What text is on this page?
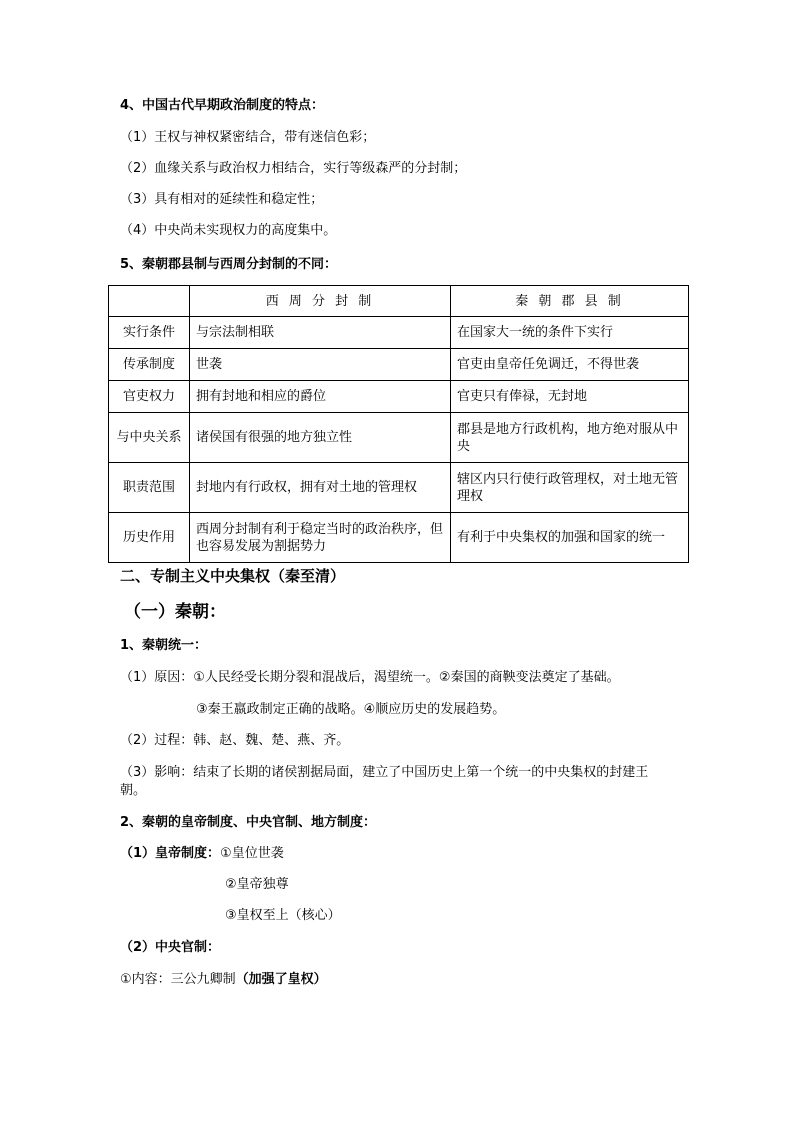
4、中国古代早期政治制度的特点：
（1）王权与神权紧密结合，带有迷信色彩；
（2）血缘关系与政治权力相结合，实行等级森严的分封制；
（3）具有相对的延续性和稳定性；
（4）中央尚未实现权力的高度集中。
5、秦朝郡县制与西周分封制的不同：
	西 周 分 封 制	秦 朝 郡 县 制
实行条件	与宗法制相联	在国家大一统的条件下实行
传承制度	世袭	官吏由皇帝任免调迁，不得世袭
官吏权力	拥有封地和相应的爵位	官吏只有俸禄，无封地
与中央关系	诸侯国有很强的地方独立性	郡县是地方行政机构，地方绝对服从中央
职责范围	封地内有行政权，拥有对土地的管理权	辖区内只行使行政管理权，对土地无管理权
历史作用	西周分封制有利于稳定当时的政治秩序，但也容易发展为割据势力	有利于中央集权的加强和国家的统一
二、专制主义中央集权（秦至清）
（一）秦朝：
1、秦朝统一：
（1）原因：①人民经受长期分裂和混战后，渴望统一。②秦国的商鞅变法奠定了基础。
③秦王嬴政制定正确的战略。④顺应历史的发展趋势。
（2）过程：韩、赵、魏、楚、燕、齐。
（3）影响：结束了长期的诸侯割据局面，建立了中国历史上第一个统一的中央集权的封建王朝。
2、秦朝的皇帝制度、中央官制、地方制度：
（1）皇帝制度：①皇位世袭
②皇帝独尊
③皇权至上（核心）
（2）中央官制：
①内容：三公九卿制（加强了皇权）
